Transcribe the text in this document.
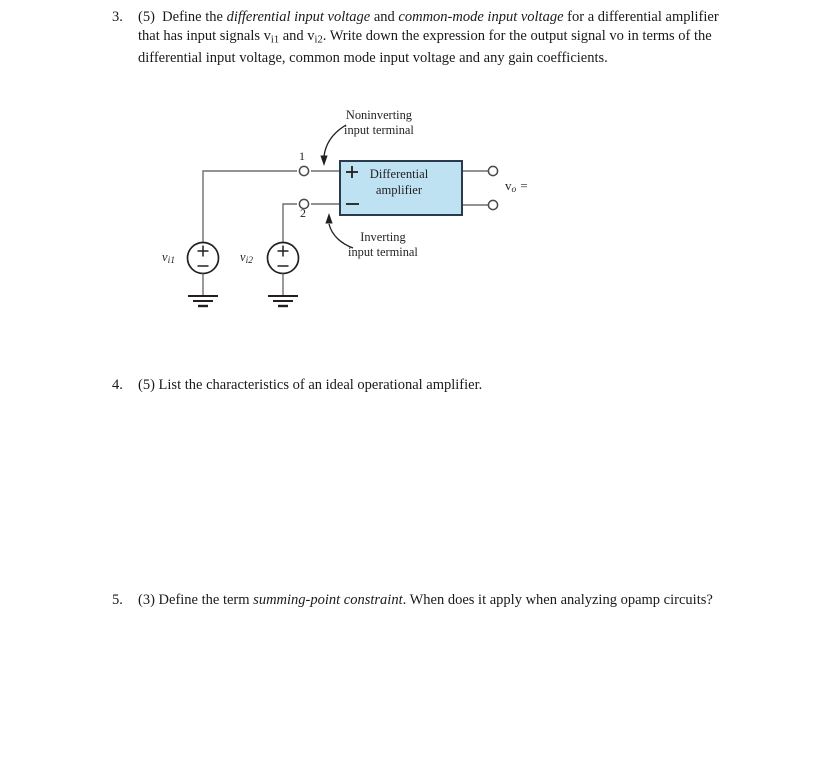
3.	(5) Define the differential input voltage and common-mode input voltage for a differential amplifier that has input signals $v_{i1}$ and $v_{i2}$. Write down the expression for the output signal vo in terms of the differential input voltage, common mode input voltage and any gain coefficients.
Noninverting
input terminal
Inverting
input terminal
Differential
amplifier
1
2
vo =
vi1	vi2
4.	(5) List the characteristics of an ideal operational amplifier.
5.	(3) Define the term summing-point constraint. When does it apply when analyzing opamp circuits?
